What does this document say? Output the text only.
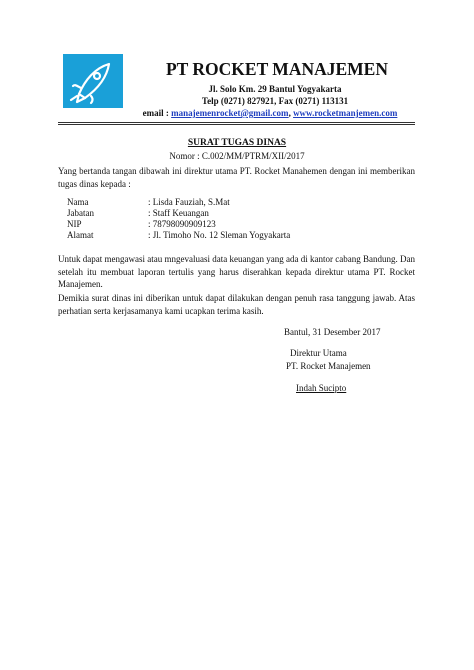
PT ROCKET MANAJEMEN
Jl. Solo Km. 29 Bantul Yogyakarta
Telp (0271) 827921, Fax (0271) 113131
email : manajemenrocket@gmail.com, www.rocketmanjemen.com
SURAT TUGAS DINAS
Nomor : C.002/MM/PTRM/XII/2017
Yang bertanda tangan dibawah ini direktur utama PT. Rocket Manahemen dengan ini memberikan tugas dinas kepada :
Nama	: Lisda Fauziah, S.Mat
Jabatan	: Staff Keuangan
NIP	: 78798090909123
Alamat	: Jl. Timoho No. 12 Sleman Yogyakarta
Untuk dapat mengawasi atau mngevaluasi data keuangan yang ada di kantor cabang Bandung. Dan setelah itu membuat laporan tertulis yang harus diserahkan kepada direktur utama PT. Rocket Manajemen.
Demikia surat dinas ini diberikan untuk dapat dilakukan dengan penuh rasa tanggung jawab. Atas perhatian serta kerjasamanya kami ucapkan terima kasih.
Bantul, 31 Desember 2017
Direktur Utama
PT. Rocket Manajemen
Indah Sucipto
